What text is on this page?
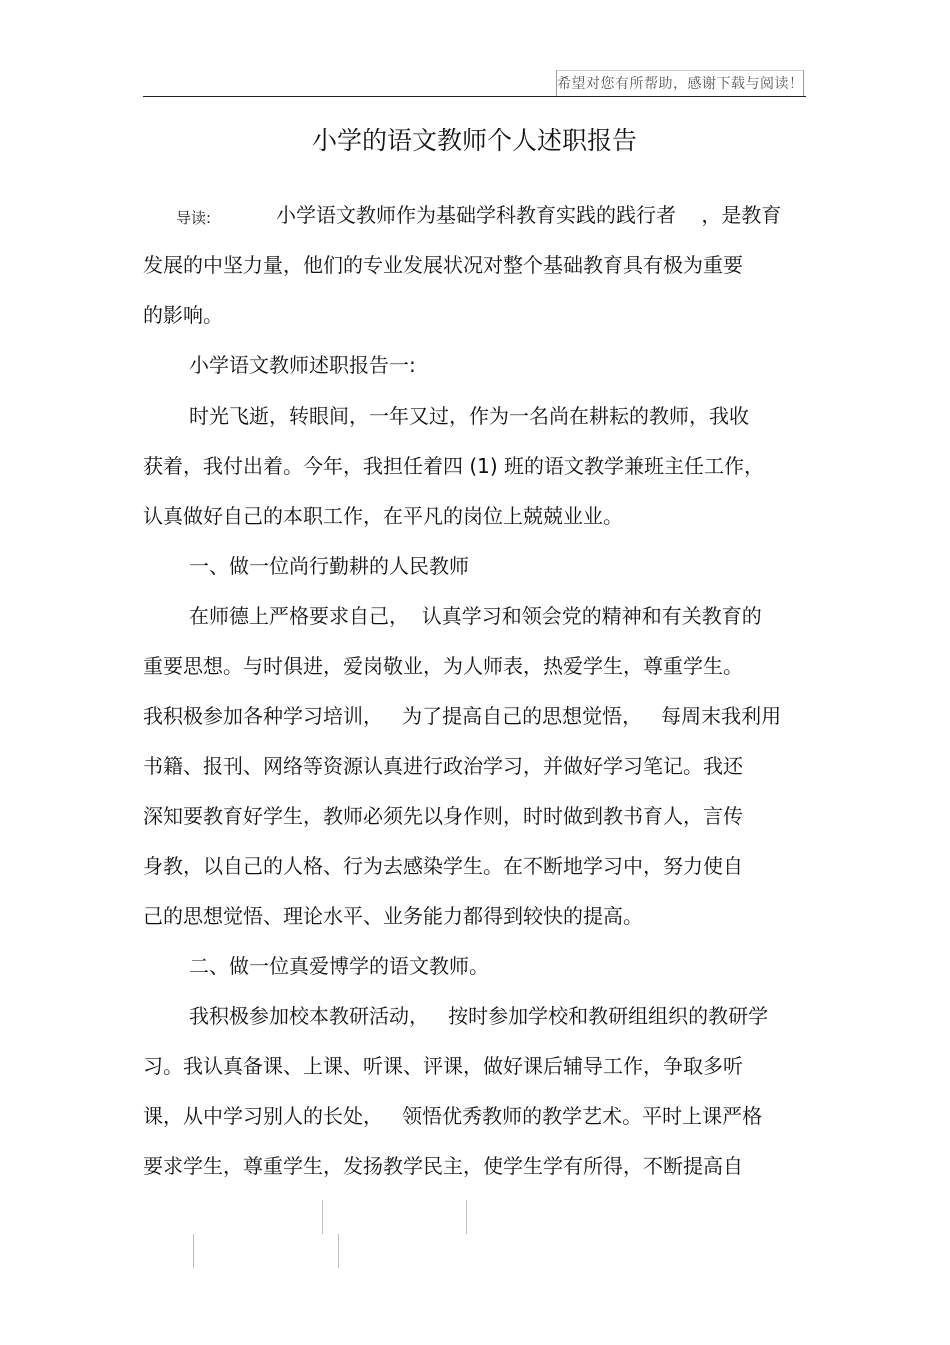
希望对您有所帮助，感谢下载与阅读！
小学的语文教师个人述职报告
导读:	小学语文教师作为基础学科教育实践的践行者    ，是教育
发展的中坚力量，他们的专业发展状况对整个基础教育具有极为重要
的影响。
小学语文教师述职报告一:
时光飞逝，转眼间，一年又过，作为一名尚在耕耘的教师，我收
获着，我付出着。今年，我担任着四 (1) 班的语文教学兼班主任工作，
认真做好自己的本职工作，在平凡的岗位上兢兢业业。
一、做一位尚行勤耕的人民教师
在师德上严格要求自己，  认真学习和领会党的精神和有关教育的
重要思想。与时俱进，爱岗敬业，为人师表，热爱学生，尊重学生。
我积极参加各种学习培训，   为了提高自己的思想觉悟，   每周末我利用
书籍、报刊、网络等资源认真进行政治学习，并做好学习笔记。我还
深知要教育好学生，教师必须先以身作则，时时做到教书育人，言传
身教，以自己的人格、行为去感染学生。在不断地学习中，努力使自
己的思想觉悟、理论水平、业务能力都得到较快的提高。
二、做一位真爱博学的语文教师。
我积极参加校本教研活动，   按时参加学校和教研组组织的教研学
习。我认真备课、上课、听课、评课，做好课后辅导工作，争取多听
课，从中学习别人的长处，   领悟优秀教师的教学艺术。平时上课严格
要求学生，尊重学生，发扬教学民主，使学生学有所得，不断提高自
